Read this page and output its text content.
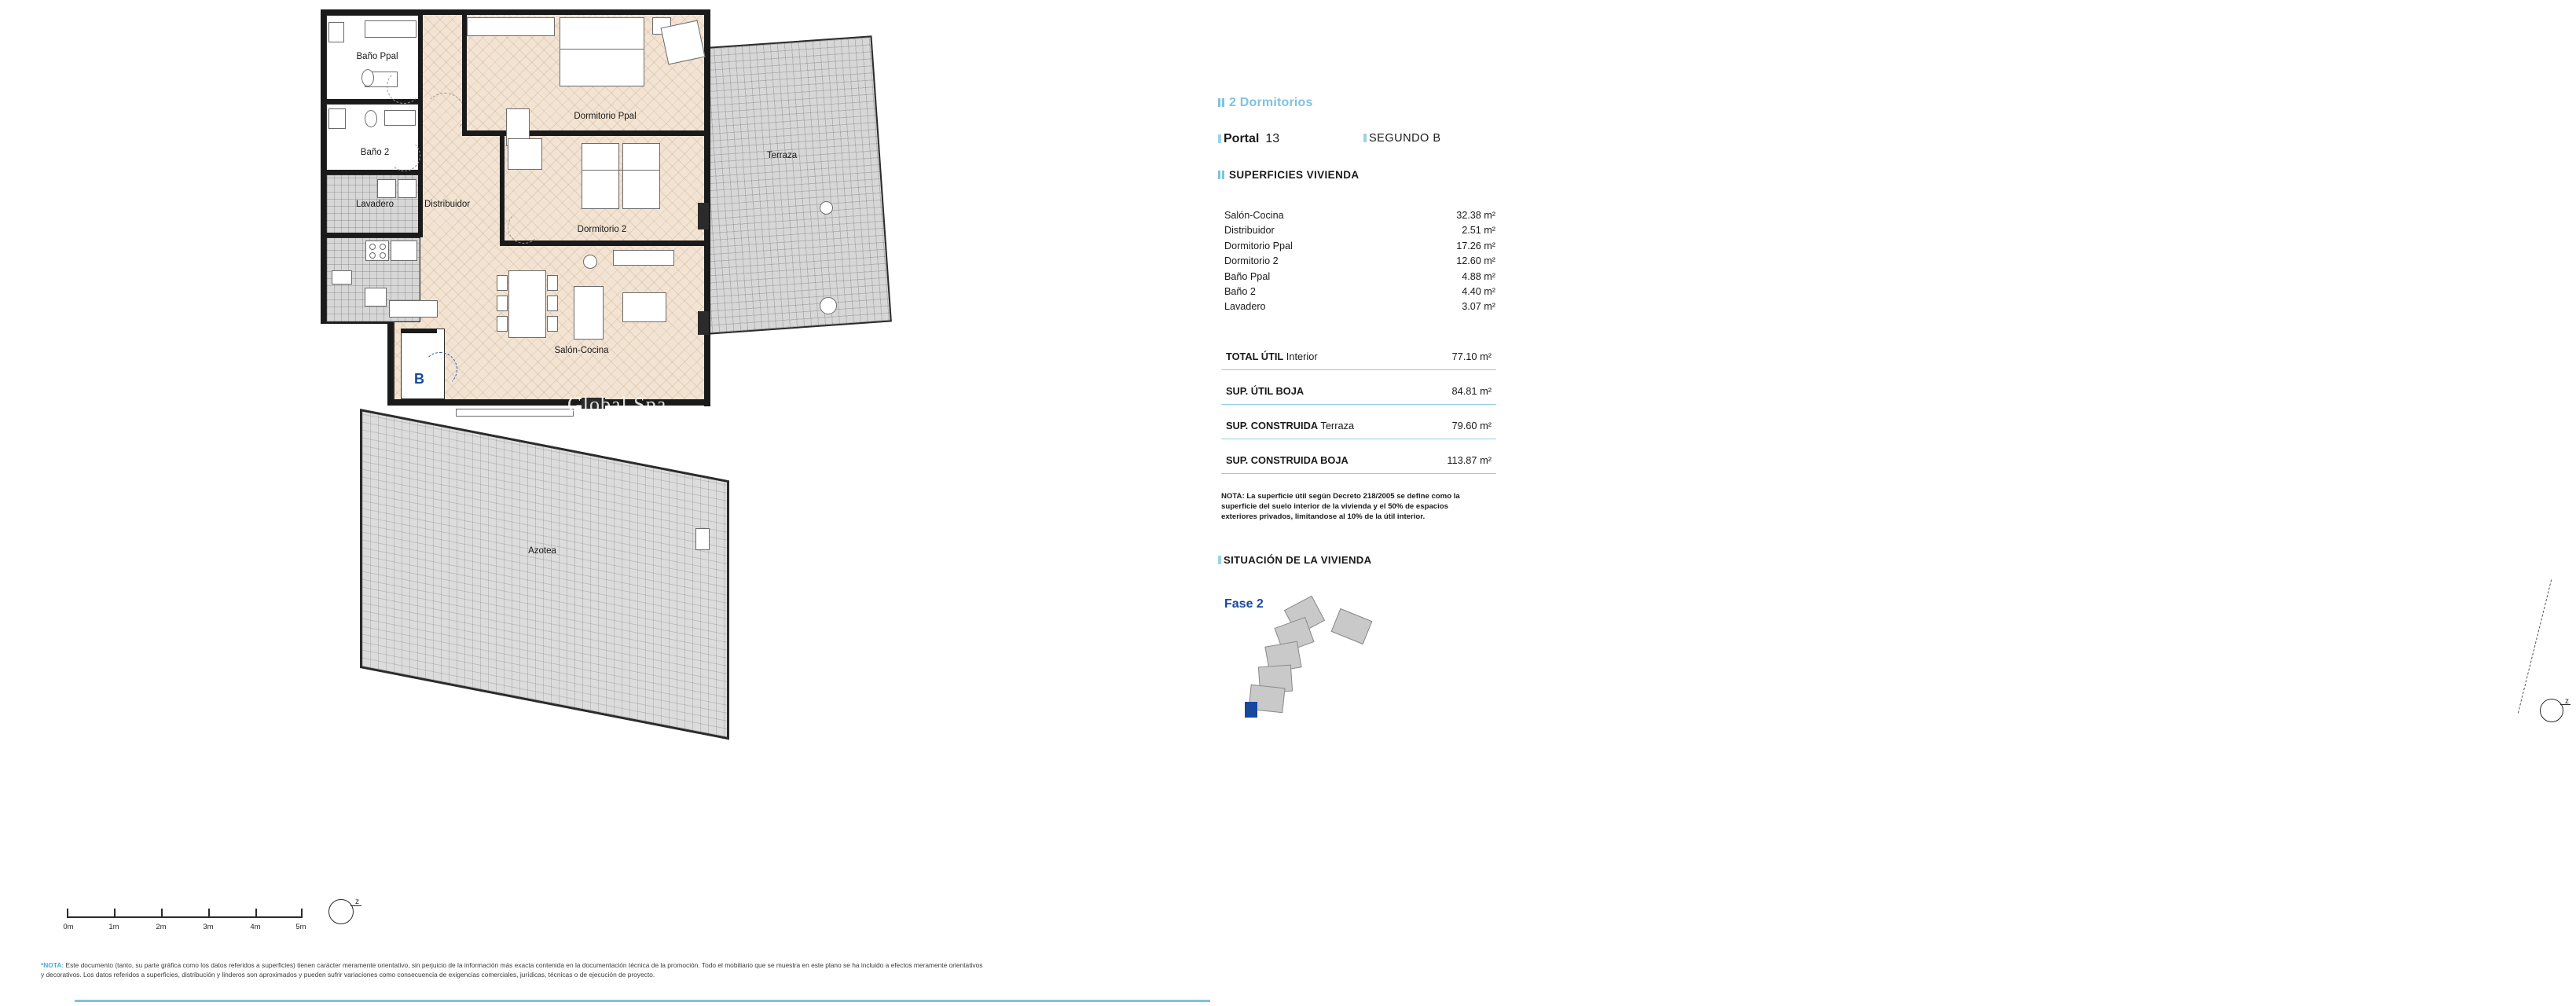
Terraza
Azotea
Baño Ppal
Baño 2
Lavadero	Distribuidor
Dormitorio Ppal
Dormitorio 2
Salón-Cocina
B
Global Spa
0m	1m	2m	3m	4m	5m
z
*NOTA: Este documento (tanto, su parte gráfica como los datos referidos a superficies) tienen carácter meramente orientativo, sin perjuicio de la información más exacta contenida en la documentación técnica de la promoción. Todo el mobiliario que se muestra en este plano se ha incluido a efectos meramente orientativos
y decorativos. Los datos referidos a superficies, distribución y linderos son aproximados y pueden sufrir variaciones como consecuencia de exigencias comerciales, jurídicas, técnicas o de ejecución de proyecto.
2 Dormitorios
Portal 13	SEGUNDO B
SUPERFICIES VIVIENDA
Salón-Cocina	32.38 m²
Distribuidor	2.51 m²
Dormitorio Ppal	17.26 m²
Dormitorio 2	12.60 m²
Baño Ppal	4.88 m²
Baño 2	4.40 m²
Lavadero	3.07 m²
TOTAL ÚTIL Interior	77.10 m²
SUP. ÚTIL BOJA	84.81 m²
SUP. CONSTRUIDA Terraza	79.60 m²
SUP. CONSTRUIDA BOJA	113.87 m²
NOTA: La superficie útil según Decreto 218/2005 se define como la superficie del suelo interior de la vivienda y el 50% de espacios exteriores privados, limitandose al 10% de la útil interior.
SITUACIÓN DE LA VIVIENDA
Fase 2
z
